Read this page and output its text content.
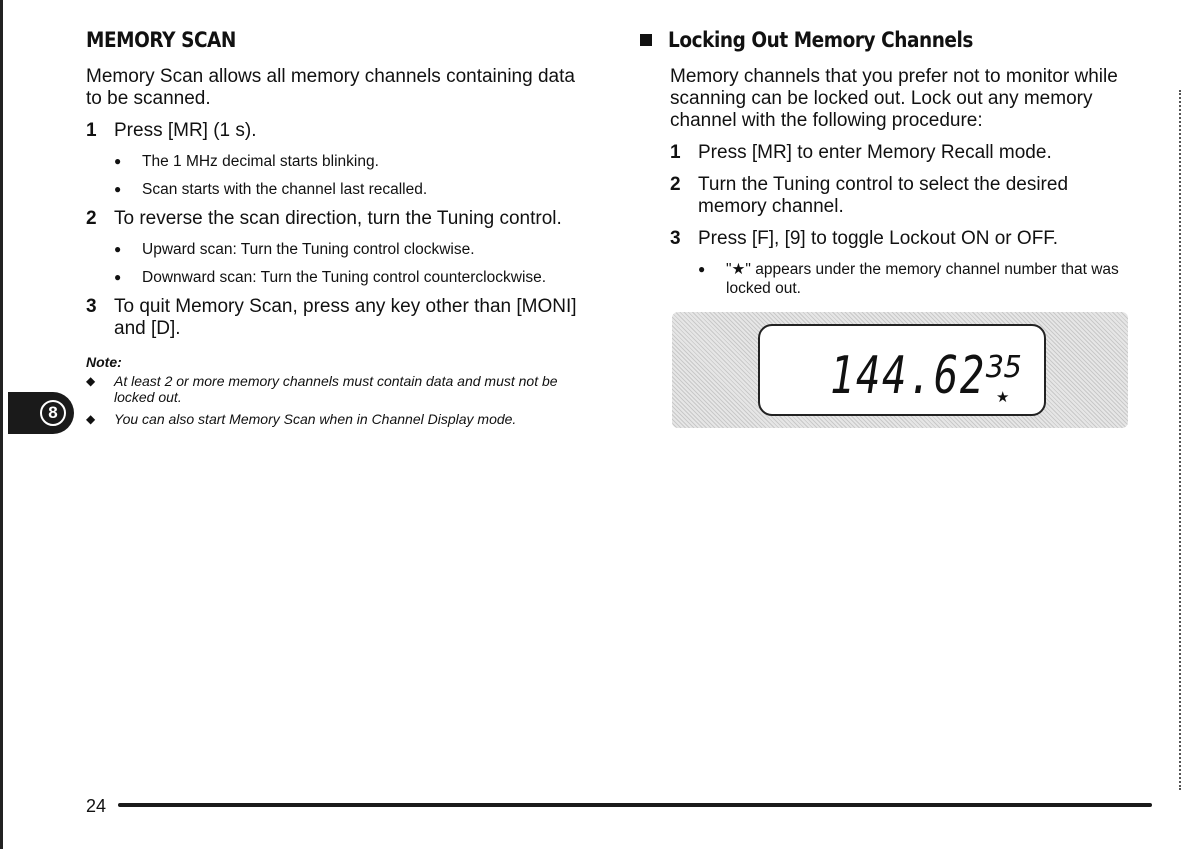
MEMORY SCAN

Memory Scan allows all memory channels containing data to be scanned.

1 Press [MR] (1 s).
●	The 1 MHz decimal starts blinking.
●	Scan starts with the channel last recalled.
2 To reverse the scan direction, turn the Tuning control.
●	Upward scan: Turn the Tuning control clockwise.
●	Downward scan: Turn the Tuning control counterclockwise.
3 To quit Memory Scan, press any key other than [MONI] and [D].
Note:
◆	At least 2 or more memory channels must contain data and must not be locked out.
◆	You can also start Memory Scan when in Channel Display mode.
8
Locking Out Memory Channels

Memory channels that you prefer not to monitor while scanning can be locked out. Lock out any memory channel with the following procedure:

1 Press [MR] to enter Memory Recall mode.
2 Turn the Tuning control to select the desired memory channel.
3 Press [F], [9] to toggle Lockout ON or OFF.
●	"★" appears under the memory channel number that was locked out.
144.62 35
★
24
